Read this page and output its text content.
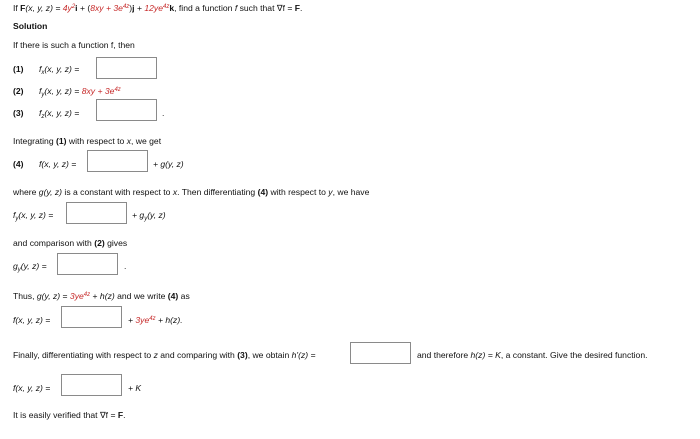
If F(x, y, $z) = 4y^2i + (8xy + 3e^{4z})j + 12ye^{4z}k$, find a function f such that ∇f = F.
Solution
If there is such a function f, then
(1) $f_x(x$, y, z) =
(2) $f_y(x$, y, $z) = 8xy + 3e^{4z}$
(3) $f_z(x$, y, z) =	.
Integrating (1) with respect to x, we get
(4) f(x, y, z) =	+ g(y, z)
where g(y, z) is a constant with respect to x. Then differentiating (4) with respect to y, we have
$f_y(x$, y, z) =	+ $g_y(y$, z)
and comparison with (2) gives
$g_y(y$, z) =	.
Thus, g(y, $z) = 3ye^{4z} + h(z)$ and we write (4) as
f(x, y, z) =	+ $3ye^{4z} + h(z)$.
Finally, differentiating with respect to z and comparing with (3), we obtain h'(z) =	and therefore h(z) = K, a constant. Give the desired function.
f(x, y, z) =	+ K
It is easily verified that ∇f = F.
